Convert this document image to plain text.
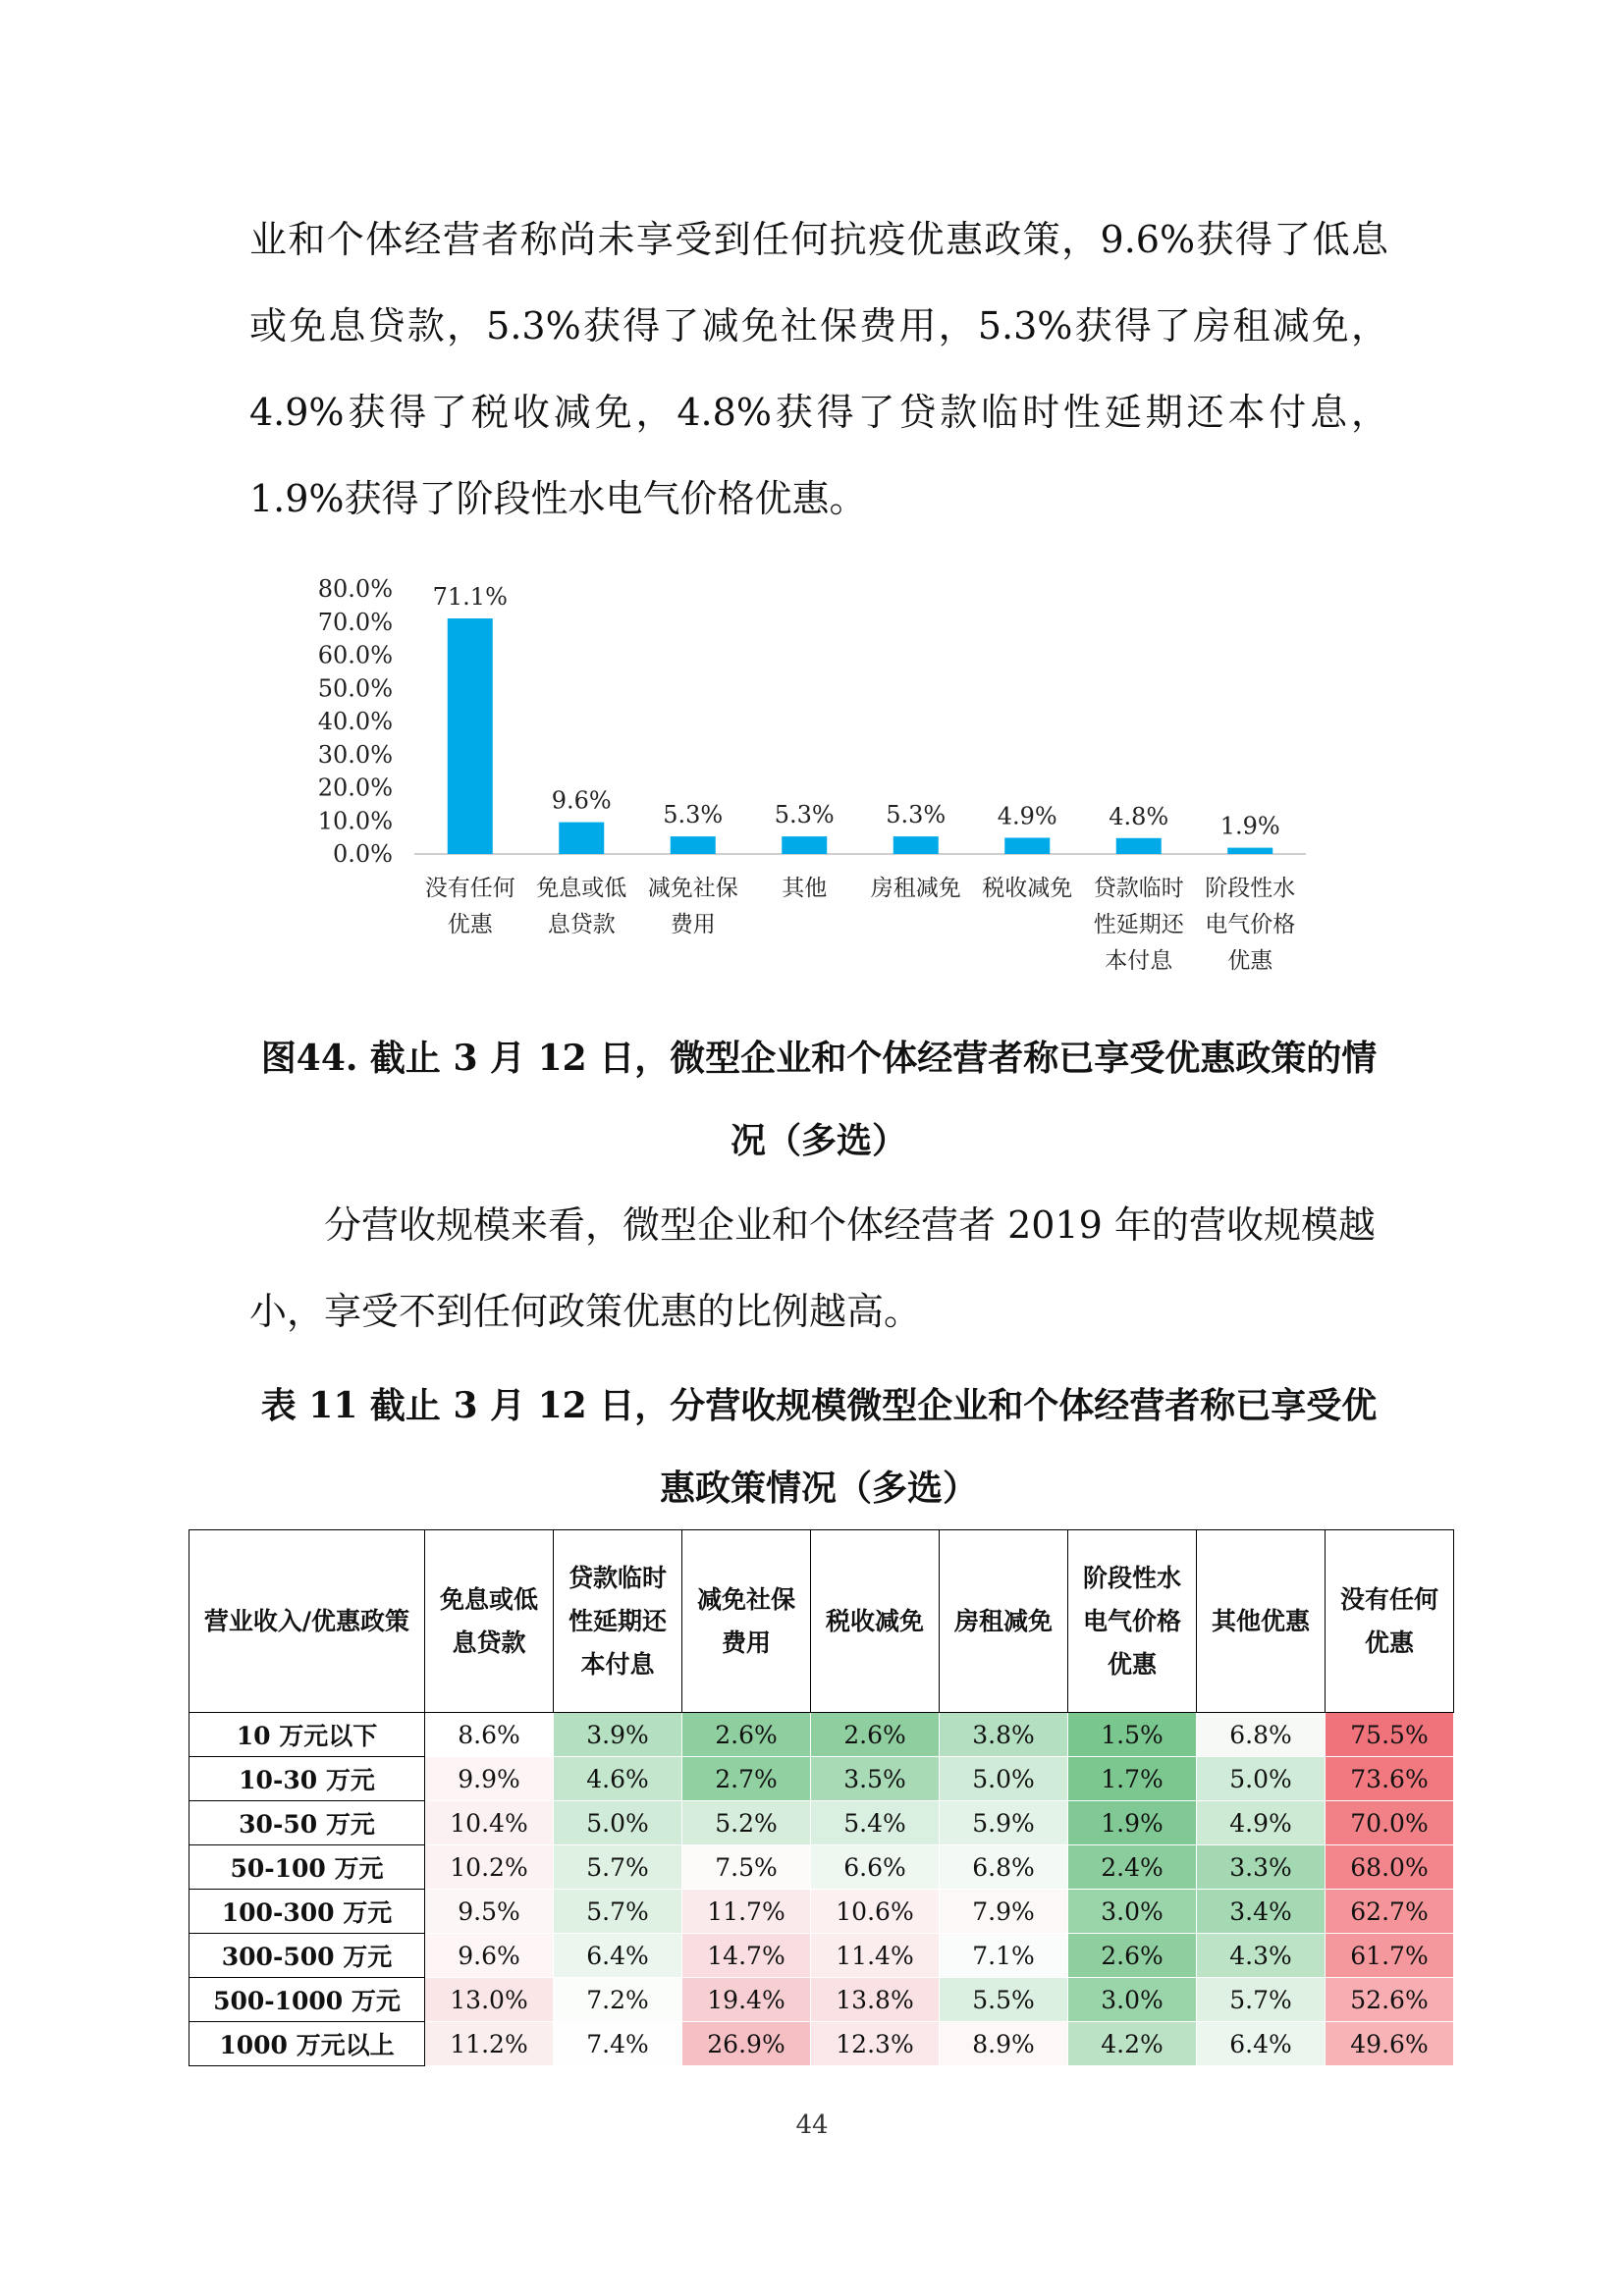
业和个体经营者称尚未享受到任何抗疫优惠政策，9.6%获得了低息或免息贷款，5.3%获得了减免社保费用，5.3%获得了房租减免，4.9%获得了税收减免，4.8%获得了贷款临时性延期还本付息，1.9%获得了阶段性水电气价格优惠。

0.0%
10.0%
20.0%
30.0%
40.0%
50.0%
60.0%
70.0%
80.0% 71.1%
没有任何
优惠
9.6%
免息或低
息贷款
5.3%
减免社保
费用
5.3%
其他
5.3%
房租减免
4.9%
税收减免
4.8%
贷款临时
性延期还
本付息
1.9%
阶段性水
电气价格
优惠

图44. 截止 3 月 12 日，微型企业和个体经营者称已享受优惠政策的情况（多选）

分营收规模来看，微型企业和个体经营者 2019 年的营收规模越小，享受不到任何政策优惠的比例越高。

表 11 截止 3 月 12 日，分营收规模微型企业和个体经营者称已享受优惠政策情况（多选）

营业收入/优惠政策	免息或低息贷款	贷款临时性延期还本付息	减免社保费用	税收减免	房租减免	阶段性水电气价格优惠	其他优惠	没有任何优惠
10 万元以下	8.6%	3.9%	2.6%	2.6%	3.8%	1.5%	6.8%	75.5%
10-30 万元	9.9%	4.6%	2.7%	3.5%	5.0%	1.7%	5.0%	73.6%
30-50 万元	10.4%	5.0%	5.2%	5.4%	5.9%	1.9%	4.9%	70.0%
50-100 万元	10.2%	5.7%	7.5%	6.6%	6.8%	2.4%	3.3%	68.0%
100-300 万元	9.5%	5.7%	11.7%	10.6%	7.9%	3.0%	3.4%	62.7%
300-500 万元	9.6%	6.4%	14.7%	11.4%	7.1%	2.6%	4.3%	61.7%
500-1000 万元	13.0%	7.2%	19.4%	13.8%	5.5%	3.0%	5.7%	52.6%
1000 万元以上	11.2%	7.4%	26.9%	12.3%	8.9%	4.2%	6.4%	49.6%
44
